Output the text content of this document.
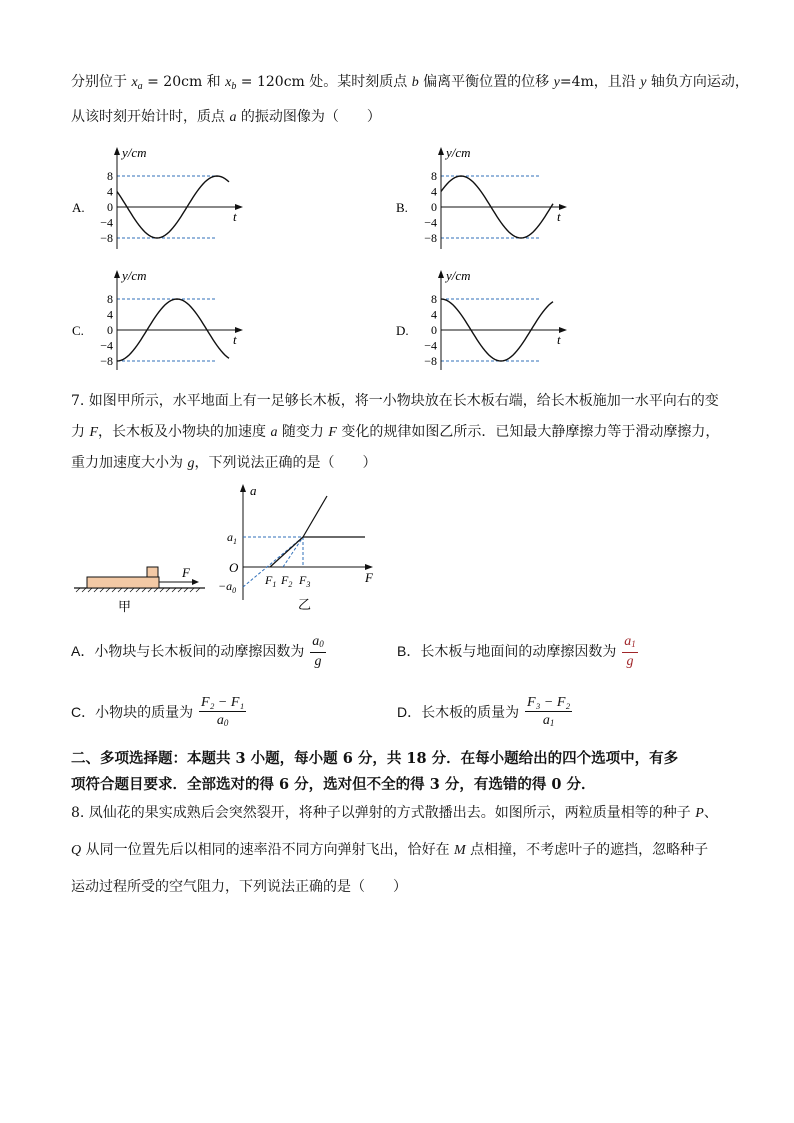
分别位于 $x_a = 20cm$ 和 $x_b = 120cm$ 处。某时刻质点 b 偏离平衡位置的位移 y=4m，且沿 y 轴负方向运动，
从该时刻开始计时，质点 a 的振动图像为（　　）
A.
y/cm
t
8
4
0
−4
−8
B.
y/cm
t
8
4
0
−4
−8
C.
y/cm
t
8
4
0
−4
−8
D.
y/cm
t
8
4
0
−4
−8
7. 如图甲所示，水平地面上有一足够长木板，将一小物块放在长木板右端，给长木板施加一水平向右的变
力 F，长木板及小物块的加速度 a 随变力 F 变化的规律如图乙所示．已知最大静摩擦力等于滑动摩擦力，
重力加速度大小为 g，下列说法正确的是（　　）
F
甲
a
F
O
$a_1$
$-a_0$
$F_1$ $F_2$ $F_3$
乙
A．小物块与长木板间的动摩擦因数为 $\frac{a0}{g}$	B．长木板与地面间的动摩擦因数为 $\frac{a1}{g}$
C．小物块的质量为 $\frac{\text{F₂ − F₁}}{a0}$	D．长木板的质量为 $\frac{\text{F₃ − F₂}}{a1}$
二、多项选择题：本题共 3 小题，每小题 6 分，共 18 分．在每小题给出的四个选项中，有多
项符合题目要求．全部选对的得 6 分，选对但不全的得 3 分，有选错的得 0 分．
8. 凤仙花的果实成熟后会突然裂开，将种子以弹射的方式散播出去。如图所示，两粒质量相等的种子 P、
Q 从同一位置先后以相同的速率沿不同方向弹射飞出，恰好在 M 点相撞，不考虑叶子的遮挡，忽略种子
运动过程所受的空气阻力，下列说法正确的是（　　）
